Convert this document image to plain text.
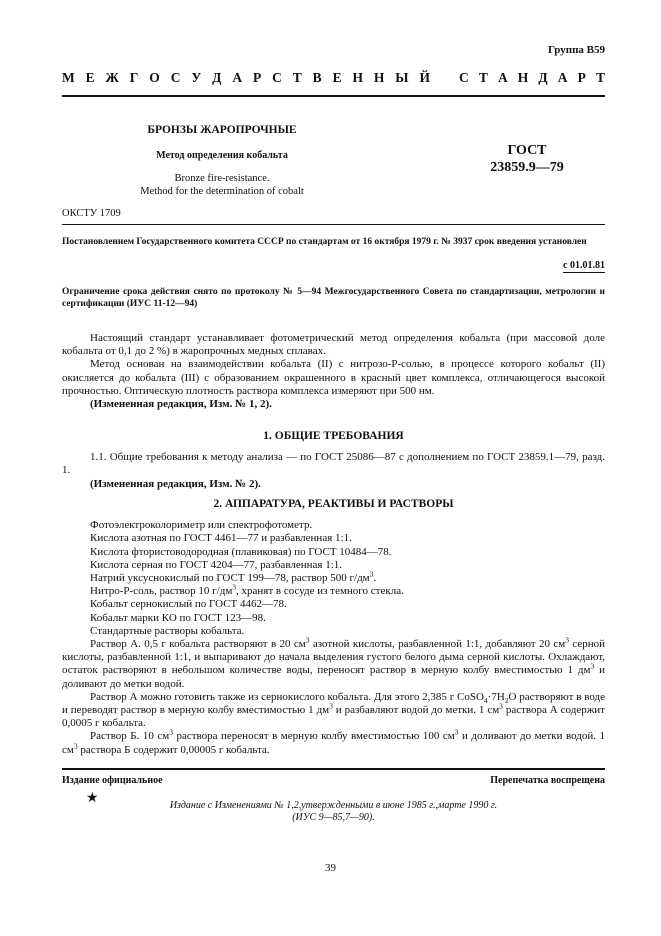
Группа В59
М Е Ж Г О С У Д А Р С Т В Е Н Н Ы Й С Т А Н Д А Р Т
БРОНЗЫ ЖАРОПРОЧНЫЕ
Метод определения кобальта
Bronze fire-resistance.
Method for the determination of cobalt
ГОСТ
23859.9—79
ОКСТУ 1709
Постановлением Государственного комитета СССР по стандартам от 16 октября 1979 г. № 3937 срок введения установлен
с 01.01.81
Ограничение срока действия снято по протоколу № 5—94 Межгосударственного Совета по стандартизации, метрологии и сертификации (ИУС 11-12—94)

Настоящий стандарт устанавливает фотометрический метод определения кобальта (при массовой доле кобальта от 0,1 до 2 %) в жаропрочных медных сплавах.

Метод основан на взаимодействии кобальта (II) с нитрозо-Р-солью, в процессе которого кобальт (II) окисляется до кобальта (III) с образованием окрашенного в красный цвет комплекса, отличающегося высокой прочностью. Оптическую плотность раствора комплекса измеряют при 500 нм.

(Измененная редакция, Изм. № 1, 2).

1. ОБЩИЕ ТРЕБОВАНИЯ

1.1. Общие требования к методу анализа — по ГОСТ 25086—87 с дополнением по ГОСТ 23859.1—79, разд. 1.

(Измененная редакция, Изм. № 2).

2. АППАРАТУРА, РЕАКТИВЫ И РАСТВОРЫ

Фотоэлектроколориметр или спектрофотометр.

Кислота азотная по ГОСТ 4461—77 и разбавленная 1:1.

Кислота фтористоводородная (плавиковая) по ГОСТ 10484—78.

Кислота серная по ГОСТ 4204—77, разбавленная 1:1.

Натрий уксуснокислый по ГОСТ 199—78, раствор 500 $г/дм^3$.

Нитро-Р-соль, раствор 10 $г/дм^3$, хранят в сосуде из темного стекла.

Кобальт сернокислый по ГОСТ 4462—78.

Кобальт марки КО по ГОСТ 123—98.

Стандартные растворы кобальта.

Раствор А. 0,5 г кобальта растворяют в 20 $см^3$ азотной кислоты, разбавленной 1:1, добавляют 20 $см^3$ серной кислоты, разбавленной 1:1, и выпаривают до начала выделения густого белого дыма серной кислоты. Охлаждают, остаток растворяют в небольшом количестве воды, переносят раствор в мерную колбу вместимостью 1 $дм^3$ и доливают до метки водой.

Раствор А можно готовить также из сернокислого кобальта. Для этого 2,385 г $CoSO_4\cdot 7H_2O$ растворяют в воде и переводят раствор в мерную колбу вместимостью 1 $дм^3$ и разбавляют водой до метки. 1 $см^3$ раствора А содержит 0,0005 г кобальта.

Раствор Б. 10 $см^3$ раствора переносят в мерную колбу вместимостью 100 $см^3$ и доливают до метки водой. 1 $см^3$ раствора Б содержит 0,00005 г кобальта.

Издание официальное	Перепечатка воспрещена
★	Издание с Изменениями № 1,2,утвержденными в июне 1985 г.,марте 1990 г.
(ИУС 9—85,7—90).
39
